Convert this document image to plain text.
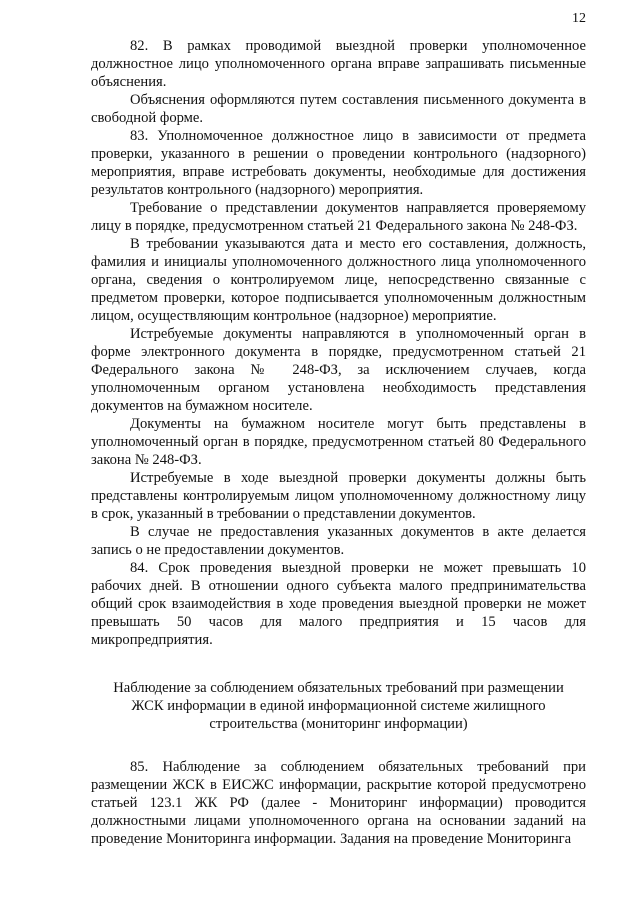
12

82. В рамках проводимой выездной проверки уполномоченное должностное лицо уполномоченного органа вправе запрашивать письменные объяснения.

Объяснения оформляются путем составления письменного документа в свободной форме.

83. Уполномоченное должностное лицо в зависимости от предмета проверки, указанного в решении о проведении контрольного (надзорного) мероприятия, вправе истребовать документы, необходимые для достижения результатов контрольного (надзорного) мероприятия.

Требование о представлении документов направляется проверяемому лицу в порядке, предусмотренном статьей 21 Федерального закона № 248-ФЗ.

В требовании указываются дата и место его составления, должность, фамилия и инициалы уполномоченного должностного лица уполномоченного органа, сведения о контролируемом лице, непосредственно связанные с предметом проверки, которое подписывается уполномоченным должностным лицом, осуществляющим контрольное (надзорное) мероприятие.

Истребуемые документы направляются в уполномоченный орган в форме электронного документа в порядке, предусмотренном статьей 21 Федерального закона № 248-ФЗ, за исключением случаев, когда уполномоченным органом установлена необходимость представления документов на бумажном носителе.

Документы на бумажном носителе могут быть представлены в уполномоченный орган в порядке, предусмотренном статьей 80 Федерального закона № 248-ФЗ.

Истребуемые в ходе выездной проверки документы должны быть представлены контролируемым лицом уполномоченному должностному лицу в срок, указанный в требовании о представлении документов.

В случае не предоставления указанных документов в акте делается запись о не предоставлении документов.

84. Срок проведения выездной проверки не может превышать 10 рабочих дней. В отношении одного субъекта малого предпринимательства общий срок взаимодействия в ходе проведения выездной проверки не может превышать 50 часов для малого предприятия и 15 часов для микропредприятия.

Наблюдение за соблюдением обязательных требований при размещении
ЖСК информации в единой информационной системе жилищного
строительства (мониторинг информации)

85. Наблюдение за соблюдением обязательных требований при размещении ЖСК в ЕИСЖС информации, раскрытие которой предусмотрено статьей 123.1 ЖК РФ (далее - Мониторинг информации) проводится должностными лицами уполномоченного органа на основании заданий на проведение Мониторинга информации. Задания на проведение Мониторинга
